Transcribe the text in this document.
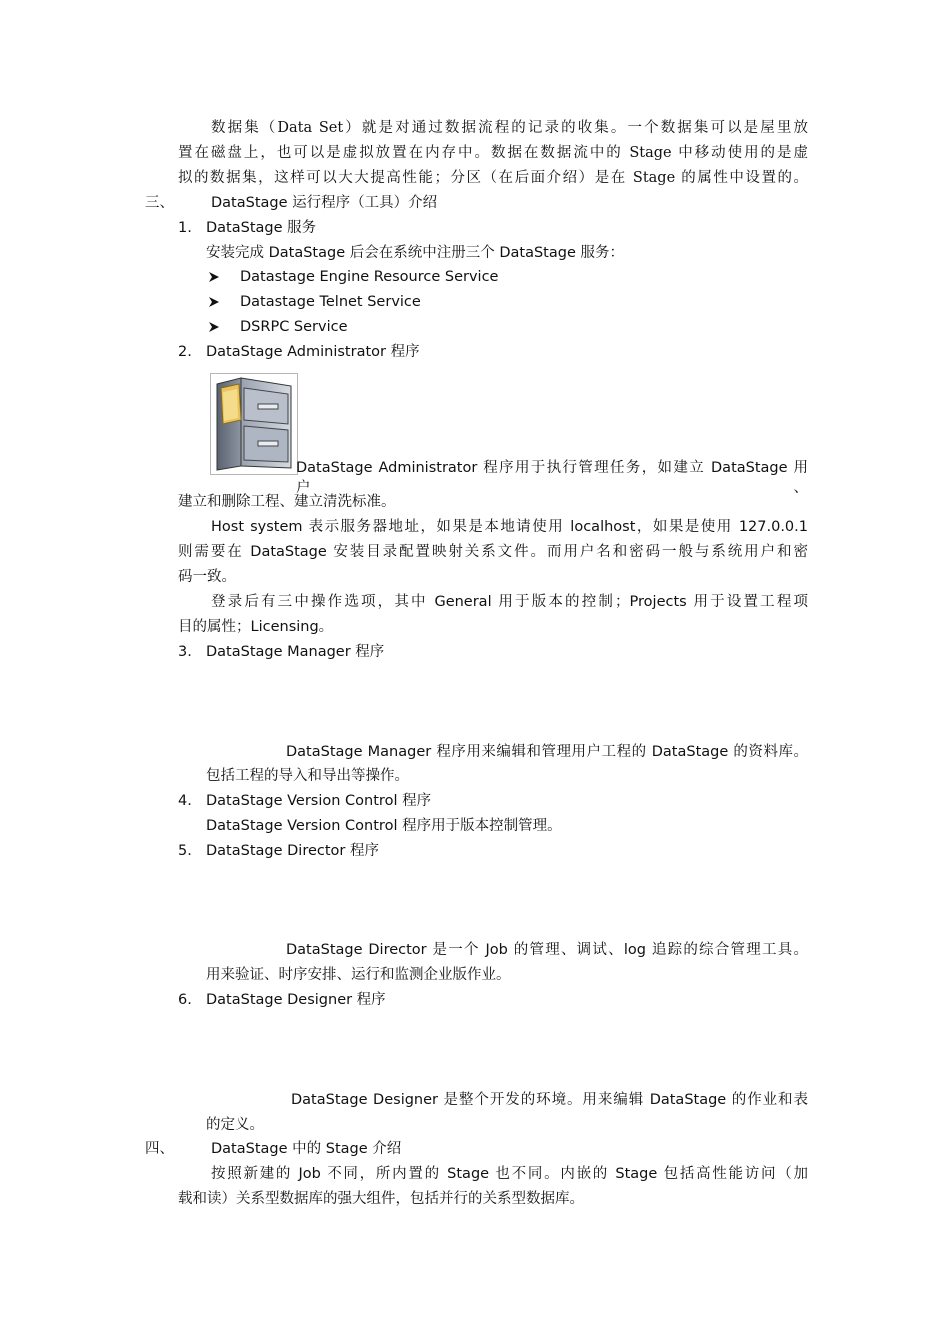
数据集（Data Set）就是对通过数据流程的记录的收集。一个数据集可以是屋里放
置在磁盘上，也可以是虚拟放置在内存中。数据在数据流中的 Stage 中移动使用的是虚
拟的数据集，这样可以大大提高性能；分区（在后面介绍）是在 Stage 的属性中设置的。
三、	DataStage 运行程序（工具）介绍
1. DataStage 服务
安装完成 DataStage 后会在系统中注册三个 DataStage 服务：
Datastage Engine Resource Service
Datastage Telnet Service
DSRPC Service
2. DataStage Administrator 程序
DataStage Administrator 程序用于执行管理任务，如建立 DataStage 用户、
建立和删除工程、建立清洗标准。
Host system 表示服务器地址，如果是本地请使用 localhost，如果是使用 127.0.0.1
则需要在 DataStage 安装目录配置映射关系文件。而用户名和密码一般与系统用户和密
码一致。
登录后有三中操作选项，其中 General 用于版本的控制；Projects 用于设置工程项
目的属性；Licensing。
3. DataStage Manager 程序
DataStage Manager 程序用来编辑和管理用户工程的 DataStage 的资料库。
包括工程的导入和导出等操作。
4. DataStage Version Control 程序
DataStage Version Control 程序用于版本控制管理。
5. DataStage Director 程序
DataStage Director 是一个 Job 的管理、调试、log 追踪的综合管理工具。
用来验证、时序安排、运行和监测企业版作业。
6. DataStage Designer 程序
DataStage Designer 是整个开发的环境。用来编辑 DataStage 的作业和表
的定义。
四、	DataStage 中的 Stage 介绍
按照新建的 Job 不同，所内置的 Stage 也不同。内嵌的 Stage 包括高性能访问（加
载和读）关系型数据库的强大组件，包括并行的关系型数据库。
